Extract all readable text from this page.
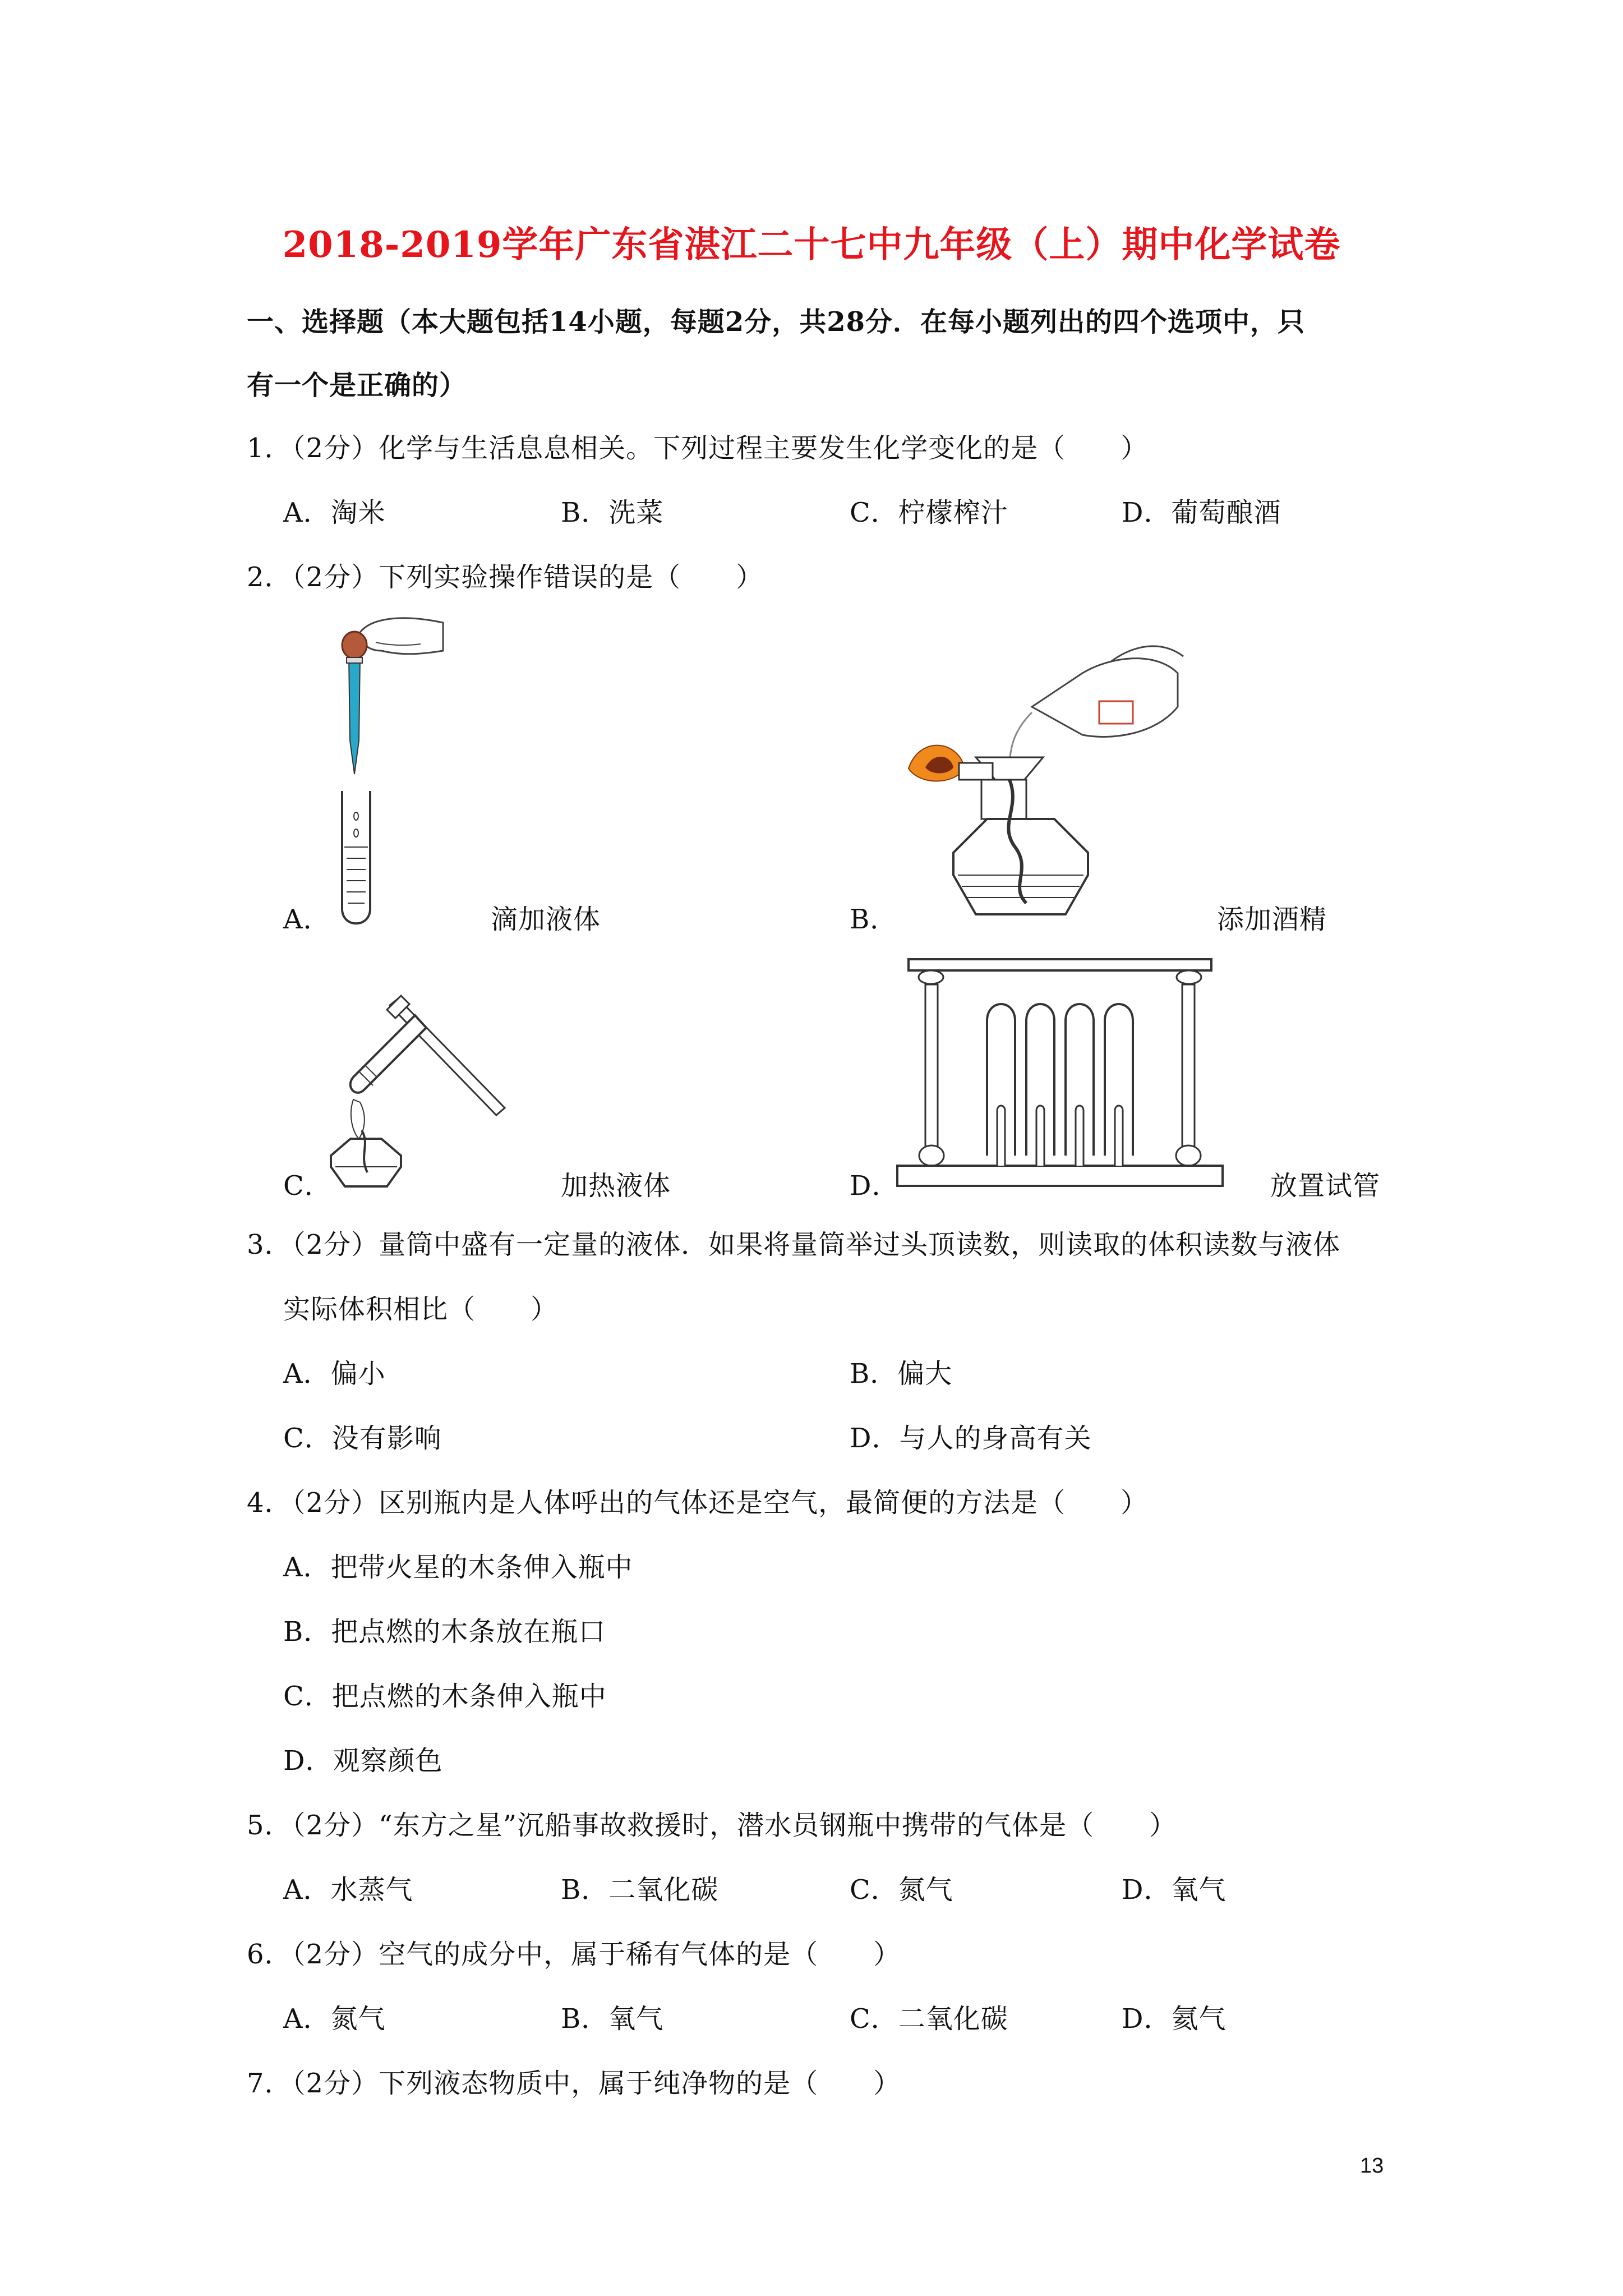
2018-2019学年广东省湛江二十七中九年级（上）期中化学试卷
一、选择题（本大题包括14小题，每题2分，共28分．在每小题列出的四个选项中，只
有一个是正确的）
1．（2分）化学与生活息息相关。下列过程主要发生化学变化的是（　　）
A．淘米	B．洗菜	C．柠檬榨汁	D．葡萄酿酒
2．（2分）下列实验操作错误的是（　　）
A．	滴加液体	B．	添加酒精
C．	加热液体	D．	放置试管
3．（2分）量筒中盛有一定量的液体．如果将量筒举过头顶读数，则读取的体积读数与液体
实际体积相比（　　）
A．偏小	B．偏大
C．没有影响	D．与人的身高有关
4．（2分）区别瓶内是人体呼出的气体还是空气，最简便的方法是（　　）
A．把带火星的木条伸入瓶中
B．把点燃的木条放在瓶口
C．把点燃的木条伸入瓶中
D．观察颜色
5．（2分）“东方之星”沉船事故救援时，潜水员钢瓶中携带的气体是（　　）
A．水蒸气	B．二氧化碳	C．氮气	D．氧气
6．（2分）空气的成分中，属于稀有气体的是（　　）
A．氮气	B．氧气	C．二氧化碳	D．氦气
7．（2分）下列液态物质中，属于纯净物的是（　　）
13
